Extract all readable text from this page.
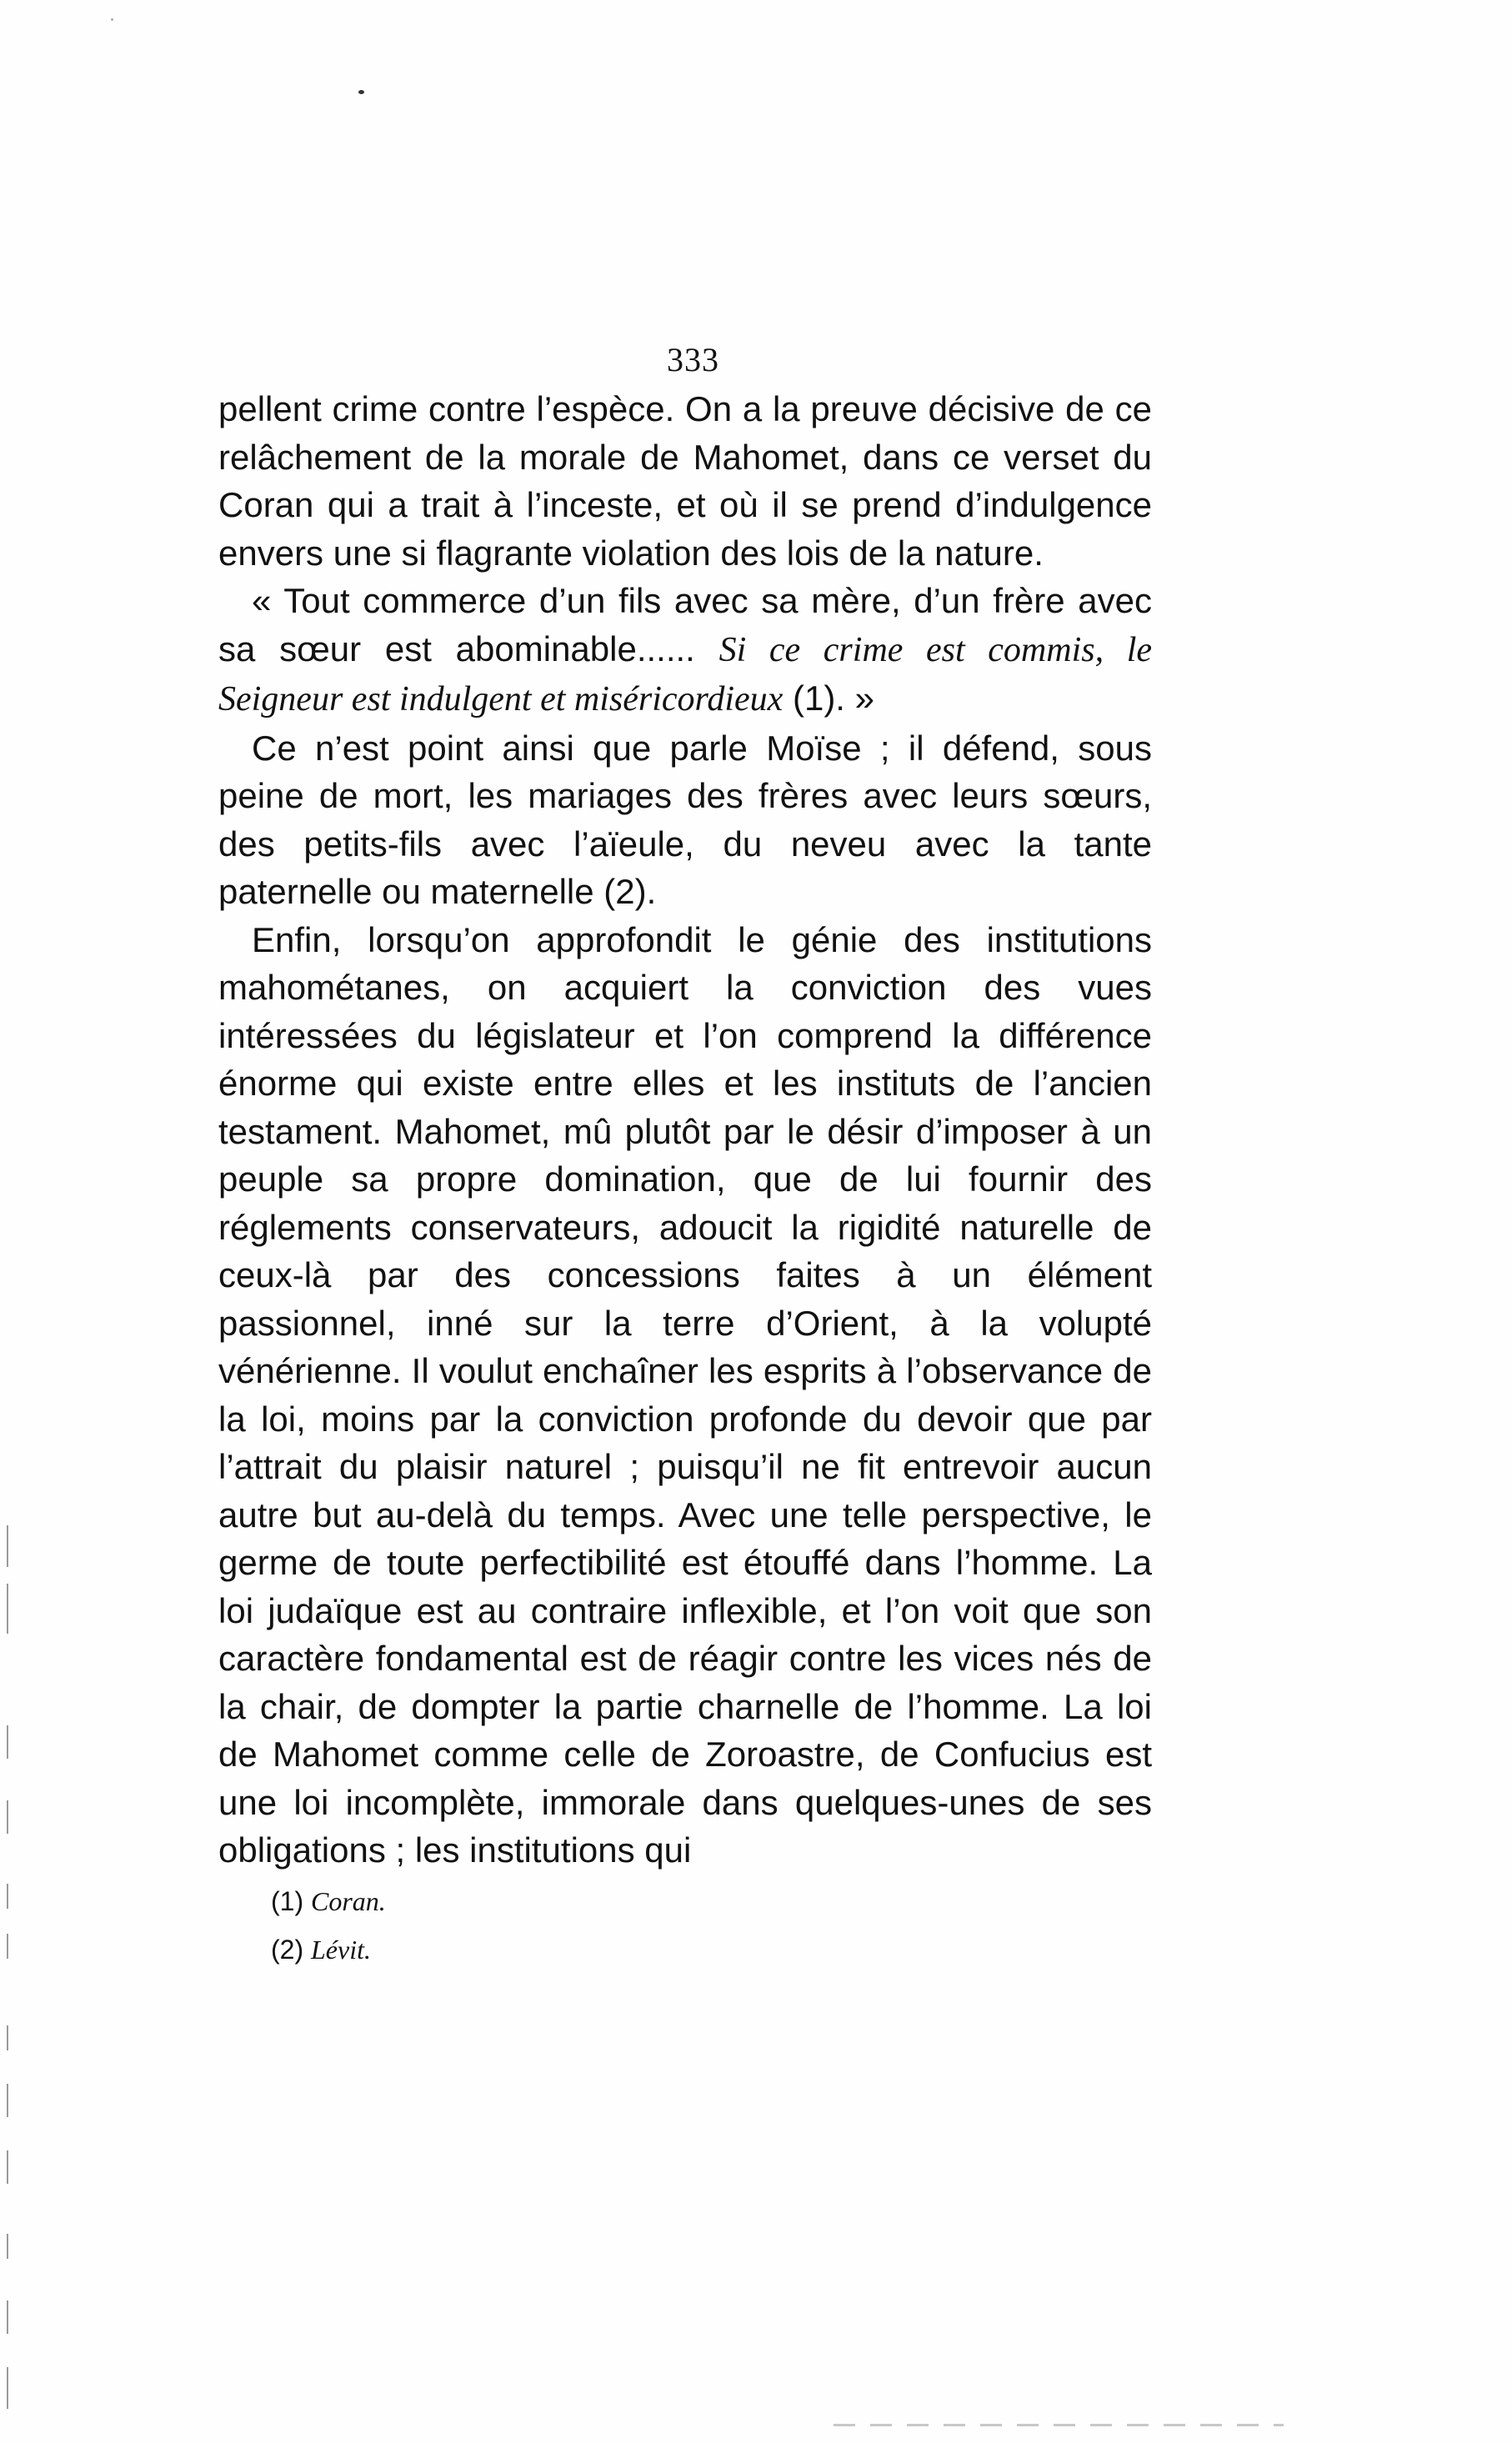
333

pellent crime contre l’espèce. On a la preuve décisive de ce relâchement de la morale de Mahomet, dans ce verset du Coran qui a trait à l’inceste, et où il se prend d’indulgence envers une si flagrante violation des lois de la nature.

« Tout commerce d’un fils avec sa mère, d’un frère avec sa sœur est abominable...... Si ce crime est commis, le Seigneur est indulgent et miséricordieux (1). »

Ce n’est point ainsi que parle Moïse ; il défend, sous peine de mort, les mariages des frères avec leurs sœurs, des petits-fils avec l’aïeule, du neveu avec la tante paternelle ou maternelle (2).

Enfin, lorsqu’on approfondit le génie des institutions mahométanes, on acquiert la conviction des vues intéressées du législateur et l’on comprend la différence énorme qui existe entre elles et les instituts de l’ancien testament. Mahomet, mû plutôt par le désir d’imposer à un peuple sa propre domination, que de lui fournir des réglements conservateurs, adoucit la rigidité naturelle de ceux-là par des concessions faites à un élément passionnel, inné sur la terre d’Orient, à la volupté vénérienne. Il voulut enchaîner les esprits à l’observance de la loi, moins par la conviction profonde du devoir que par l’attrait du plaisir naturel ; puisqu’il ne fit entrevoir aucun autre but au-delà du temps. Avec une telle perspective, le germe de toute perfectibilité est étouffé dans l’homme. La loi judaïque est au contraire inflexible, et l’on voit que son caractère fondamental est de réagir contre les vices nés de la chair, de dompter la partie charnelle de l’homme. La loi de Mahomet comme celle de Zoroastre, de Confucius est une loi incomplète, immorale dans quelques-unes de ses obligations ; les institutions qui

(1) Coran.
(2) Lévit.
